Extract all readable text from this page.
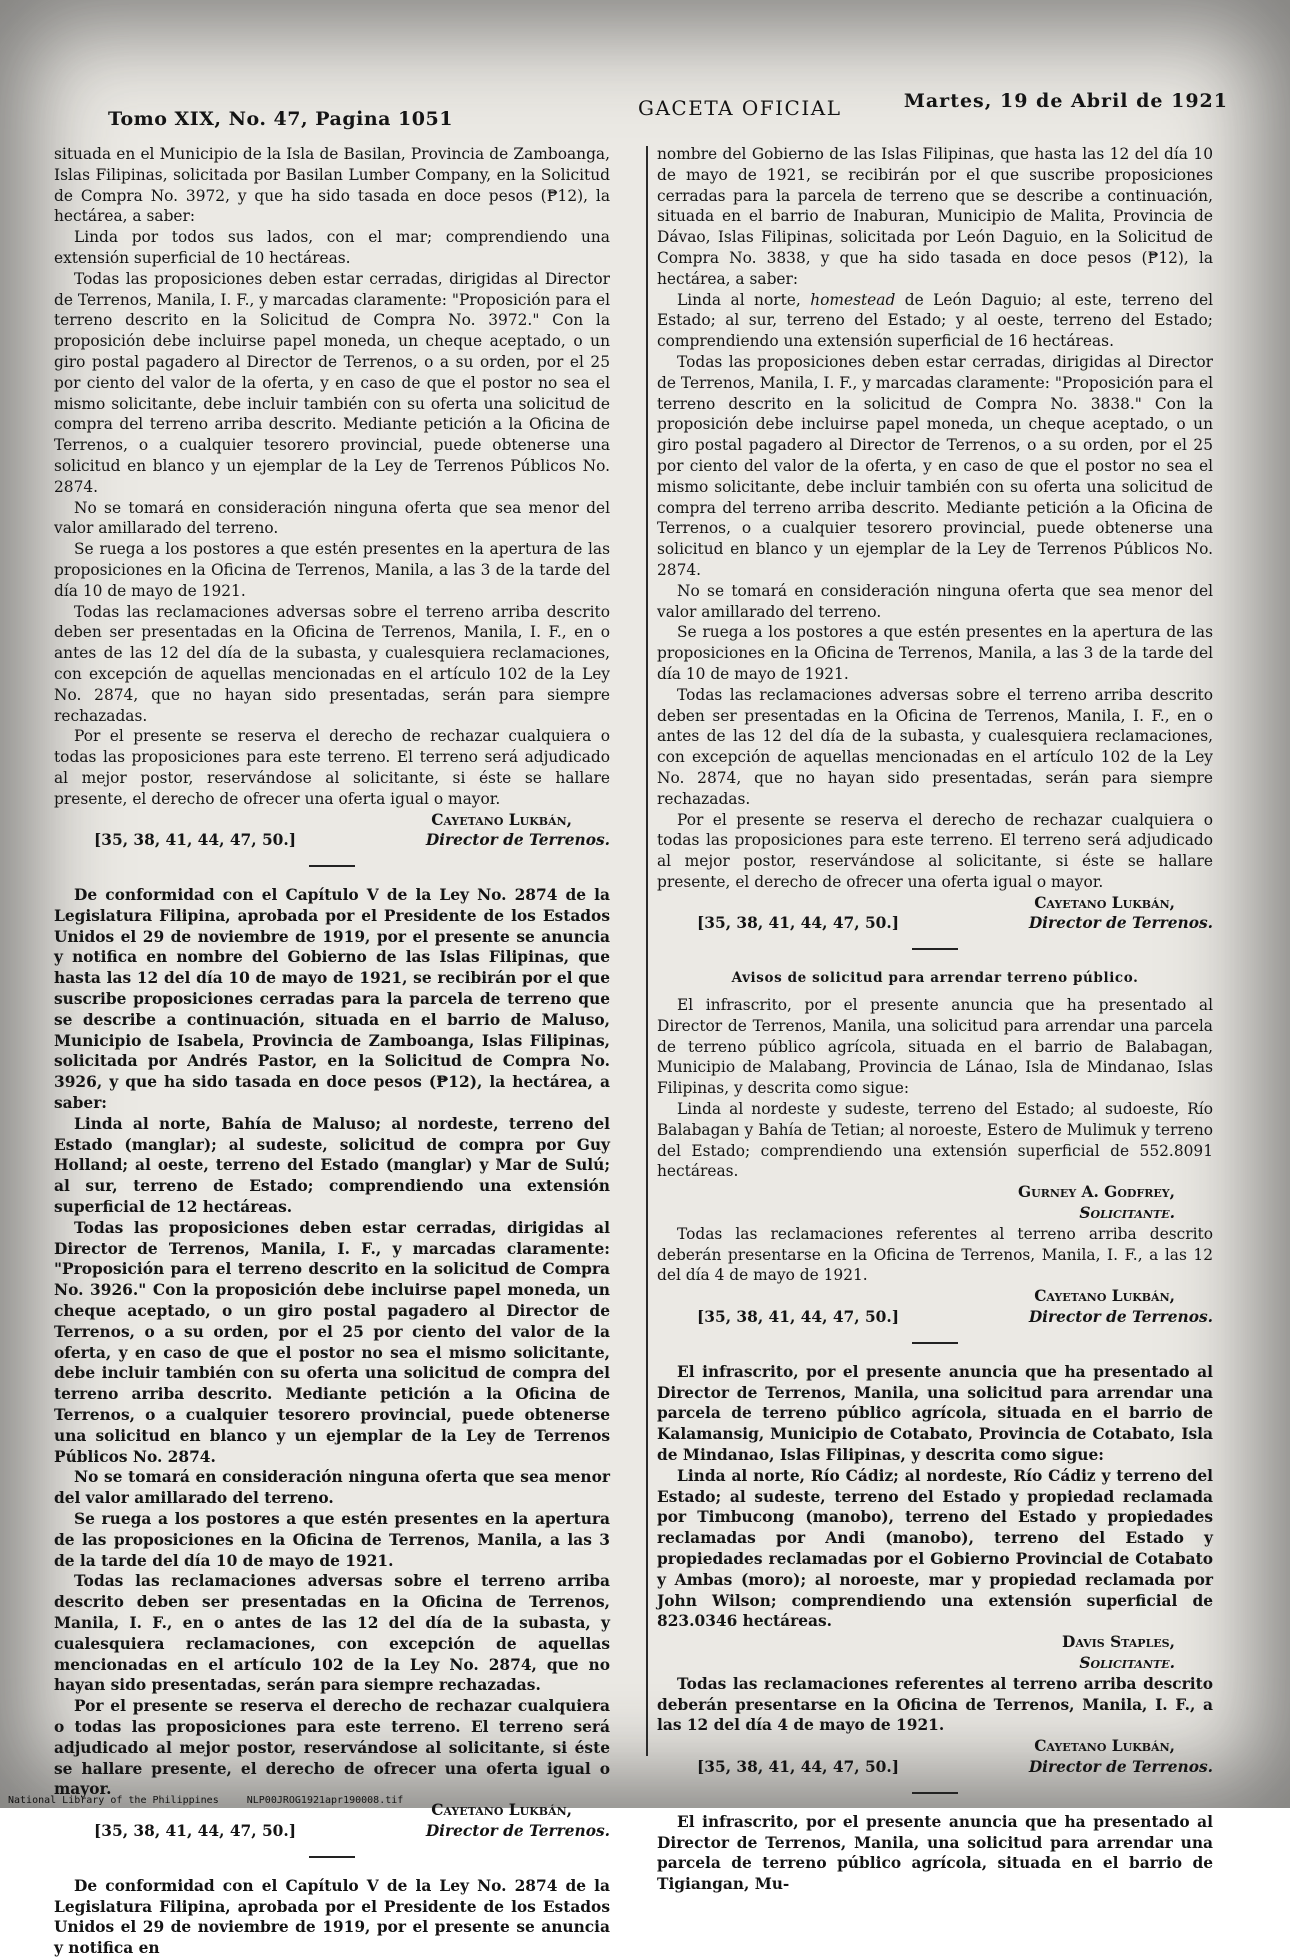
Tomo XIX, No. 47, Pagina 1051	GACETA OFICIAL	Martes, 19 de Abril de 1921

situada en el Municipio de la Isla de Basilan, Provincia de Zamboanga, Islas Filipinas, solicitada por Basilan Lumber Company, en la Solicitud de Compra No. 3972, y que ha sido tasada en doce pesos (₱12), la hectárea, a saber:

Linda por todos sus lados, con el mar; comprendiendo una extensión superficial de 10 hectáreas.

Todas las proposiciones deben estar cerradas, dirigidas al Director de Terrenos, Manila, I. F., y marcadas claramente: "Proposición para el terreno descrito en la Solicitud de Compra No. 3972." Con la proposición debe incluirse papel moneda, un cheque aceptado, o un giro postal pagadero al Director de Terrenos, o a su orden, por el 25 por ciento del valor de la oferta, y en caso de que el postor no sea el mismo solicitante, debe incluir también con su oferta una solicitud de compra del terreno arriba descrito. Mediante petición a la Oficina de Terrenos, o a cualquier tesorero provincial, puede obtenerse una solicitud en blanco y un ejemplar de la Ley de Terrenos Públicos No. 2874.

No se tomará en consideración ninguna oferta que sea menor del valor amillarado del terreno.

Se ruega a los postores a que estén presentes en la apertura de las proposiciones en la Oficina de Terrenos, Manila, a las 3 de la tarde del día 10 de mayo de 1921.

Todas las reclamaciones adversas sobre el terreno arriba descrito deben ser presentadas en la Oficina de Terrenos, Manila, I. F., en o antes de las 12 del día de la subasta, y cualesquiera reclamaciones, con excepción de aquellas mencionadas en el artículo 102 de la Ley No. 2874, que no hayan sido presentadas, serán para siempre rechazadas.

Por el presente se reserva el derecho de rechazar cualquiera o todas las proposiciones para este terreno. El terreno será adjudicado al mejor postor, reservándose al solicitante, si éste se hallare presente, el derecho de ofrecer una oferta igual o mayor.

Cayetano Lukbán,
[35, 38, 41, 44, 47, 50.]	Director de Terrenos.

De conformidad con el Capítulo V de la Ley No. 2874 de la Legislatura Filipina, aprobada por el Presidente de los Estados Unidos el 29 de noviembre de 1919, por el presente se anuncia y notifica en nombre del Gobierno de las Islas Filipinas, que hasta las 12 del día 10 de mayo de 1921, se recibirán por el que suscribe proposiciones cerradas para la parcela de terreno que se describe a continuación, situada en el barrio de Maluso, Municipio de Isabela, Provincia de Zamboanga, Islas Filipinas, solicitada por Andrés Pastor, en la Solicitud de Compra No. 3926, y que ha sido tasada en doce pesos (₱12), la hectárea, a saber:

Linda al norte, Bahía de Maluso; al nordeste, terreno del Estado (manglar); al sudeste, solicitud de compra por Guy Holland; al oeste, terreno del Estado (manglar) y Mar de Sulú; al sur, terreno de Estado; comprendiendo una extensión superficial de 12 hectáreas.

Todas las proposiciones deben estar cerradas, dirigidas al Director de Terrenos, Manila, I. F., y marcadas claramente: "Proposición para el terreno descrito en la solicitud de Compra No. 3926." Con la proposición debe incluirse papel moneda, un cheque aceptado, o un giro postal pagadero al Director de Terrenos, o a su orden, por el 25 por ciento del valor de la oferta, y en caso de que el postor no sea el mismo solicitante, debe incluir también con su oferta una solicitud de compra del terreno arriba descrito. Mediante petición a la Oficina de Terrenos, o a cualquier tesorero provincial, puede obtenerse una solicitud en blanco y un ejemplar de la Ley de Terrenos Públicos No. 2874.

No se tomará en consideración ninguna oferta que sea menor del valor amillarado del terreno.

Se ruega a los postores a que estén presentes en la apertura de las proposiciones en la Oficina de Terrenos, Manila, a las 3 de la tarde del día 10 de mayo de 1921.

Todas las reclamaciones adversas sobre el terreno arriba descrito deben ser presentadas en la Oficina de Terrenos, Manila, I. F., en o antes de las 12 del día de la subasta, y cualesquiera reclamaciones, con excepción de aquellas mencionadas en el artículo 102 de la Ley No. 2874, que no hayan sido presentadas, serán para siempre rechazadas.

Por el presente se reserva el derecho de rechazar cualquiera o todas las proposiciones para este terreno. El terreno será adjudicado al mejor postor, reservándose al solicitante, si éste se hallare presente, el derecho de ofrecer una oferta igual o mayor.

Cayetano Lukbán,
[35, 38, 41, 44, 47, 50.]	Director de Terrenos.

De conformidad con el Capítulo V de la Ley No. 2874 de la Legislatura Filipina, aprobada por el Presidente de los Estados Unidos el 29 de noviembre de 1919, por el presente se anuncia y notifica en

nombre del Gobierno de las Islas Filipinas, que hasta las 12 del día 10 de mayo de 1921, se recibirán por el que suscribe proposiciones cerradas para la parcela de terreno que se describe a continuación, situada en el barrio de Inaburan, Municipio de Malita, Provincia de Dávao, Islas Filipinas, solicitada por León Daguio, en la Solicitud de Compra No. 3838, y que ha sido tasada en doce pesos (₱12), la hectárea, a saber:

Linda al norte, homestead de León Daguio; al este, terreno del Estado; al sur, terreno del Estado; y al oeste, terreno del Estado; comprendiendo una extensión superficial de 16 hectáreas.

Todas las proposiciones deben estar cerradas, dirigidas al Director de Terrenos, Manila, I. F., y marcadas claramente: "Proposición para el terreno descrito en la solicitud de Compra No. 3838." Con la proposición debe incluirse papel moneda, un cheque aceptado, o un giro postal pagadero al Director de Terrenos, o a su orden, por el 25 por ciento del valor de la oferta, y en caso de que el postor no sea el mismo solicitante, debe incluir también con su oferta una solicitud de compra del terreno arriba descrito. Mediante petición a la Oficina de Terrenos, o a cualquier tesorero provincial, puede obtenerse una solicitud en blanco y un ejemplar de la Ley de Terrenos Públicos No. 2874.

No se tomará en consideración ninguna oferta que sea menor del valor amillarado del terreno.

Se ruega a los postores a que estén presentes en la apertura de las proposiciones en la Oficina de Terrenos, Manila, a las 3 de la tarde del día 10 de mayo de 1921.

Todas las reclamaciones adversas sobre el terreno arriba descrito deben ser presentadas en la Oficina de Terrenos, Manila, I. F., en o antes de las 12 del día de la subasta, y cualesquiera reclamaciones, con excepción de aquellas mencionadas en el artículo 102 de la Ley No. 2874, que no hayan sido presentadas, serán para siempre rechazadas.

Por el presente se reserva el derecho de rechazar cualquiera o todas las proposiciones para este terreno. El terreno será adjudicado al mejor postor, reservándose al solicitante, si éste se hallare presente, el derecho de ofrecer una oferta igual o mayor.

Cayetano Lukbán,
[35, 38, 41, 44, 47, 50.]	Director de Terrenos.
Avisos de solicitud para arrendar terreno público.

El infrascrito, por el presente anuncia que ha presentado al Director de Terrenos, Manila, una solicitud para arrendar una parcela de terreno público agrícola, situada en el barrio de Balabagan, Municipio de Malabang, Provincia de Lánao, Isla de Mindanao, Islas Filipinas, y descrita como sigue:

Linda al nordeste y sudeste, terreno del Estado; al sudoeste, Río Balabagan y Bahía de Tetian; al noroeste, Estero de Mulimuk y terreno del Estado; comprendiendo una extensión superficial de 552.8091 hectáreas.

Gurney A. Godfrey,
Solicitante.

Todas las reclamaciones referentes al terreno arriba descrito deberán presentarse en la Oficina de Terrenos, Manila, I. F., a las 12 del día 4 de mayo de 1921.

Cayetano Lukbán,
[35, 38, 41, 44, 47, 50.]	Director de Terrenos.

El infrascrito, por el presente anuncia que ha presentado al Director de Terrenos, Manila, una solicitud para arrendar una parcela de terreno público agrícola, situada en el barrio de Kalamansig, Municipio de Cotabato, Provincia de Cotabato, Isla de Mindanao, Islas Filipinas, y descrita como sigue:

Linda al norte, Río Cádiz; al nordeste, Río Cádiz y terreno del Estado; al sudeste, terreno del Estado y propiedad reclamada por Timbucong (manobo), terreno del Estado y propiedades reclamadas por Andi (manobo), terreno del Estado y propiedades reclamadas por el Gobierno Provincial de Cotabato y Ambas (moro); al noroeste, mar y propiedad reclamada por John Wilson; comprendiendo una extensión superficial de 823.0346 hectáreas.

Davis Staples,
Solicitante.

Todas las reclamaciones referentes al terreno arriba descrito deberán presentarse en la Oficina de Terrenos, Manila, I. F., a las 12 del día 4 de mayo de 1921.

Cayetano Lukbán,
[35, 38, 41, 44, 47, 50.]	Director de Terrenos.

El infrascrito, por el presente anuncia que ha presentado al Director de Terrenos, Manila, una solicitud para arrendar una parcela de terreno público agrícola, situada en el barrio de Tigiangan, Mu-

National Library of the Philippines	NLP00JROG1921apr190008.tif
